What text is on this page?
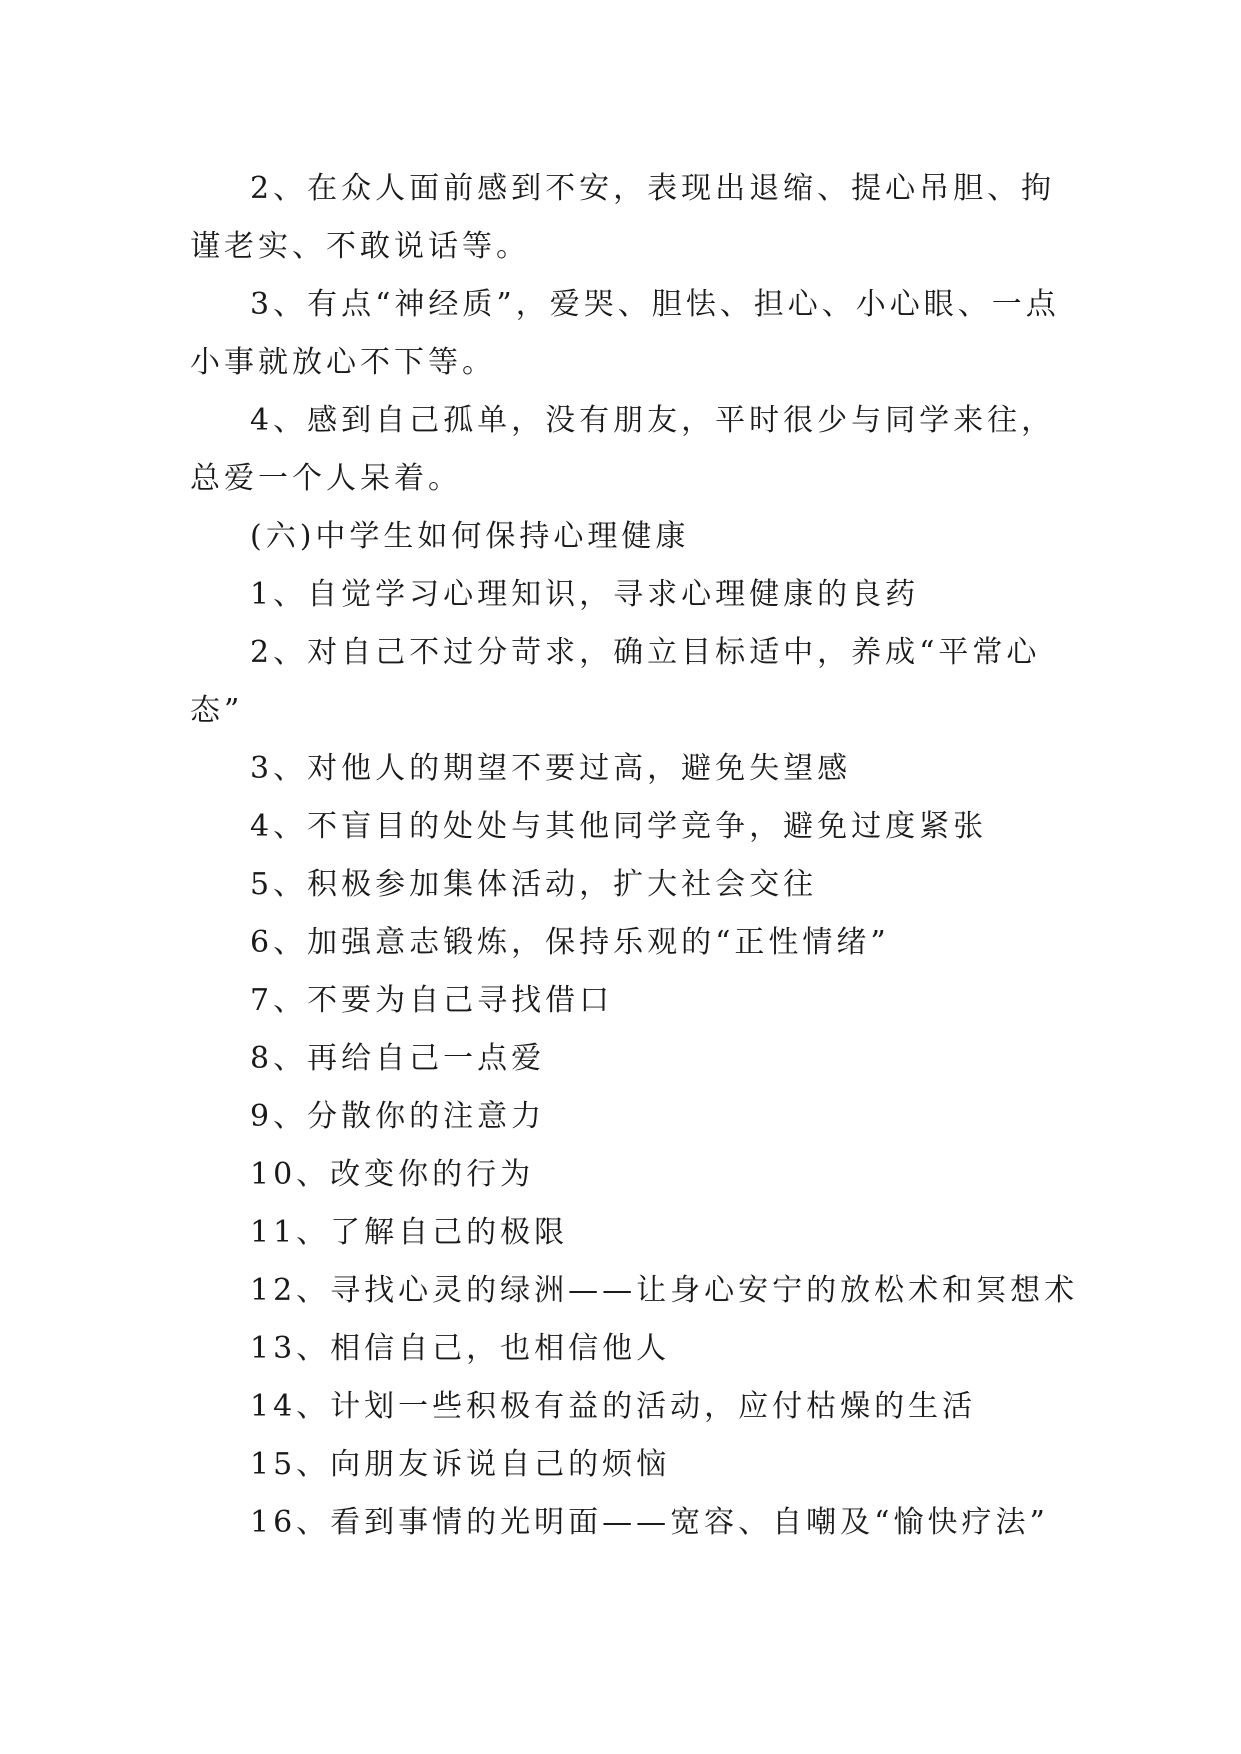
2、在众人面前感到不安，表现出退缩、提心吊胆、拘谨老实、不敢说话等。

3、有点“神经质”，爱哭、胆怯、担心、小心眼、一点小事就放心不下等。

4、感到自己孤单，没有朋友，平时很少与同学来往，总爱一个人呆着。

(六)中学生如何保持心理健康

1、自觉学习心理知识，寻求心理健康的良药
2、对自己不过分苛求，确立目标适中，养成“平常心态”
3、对他人的期望不要过高，避免失望感
4、不盲目的处处与其他同学竞争，避免过度紧张
5、积极参加集体活动，扩大社会交往
6、加强意志锻炼，保持乐观的“正性情绪”
7、不要为自己寻找借口
8、再给自己一点爱
9、分散你的注意力
10、改变你的行为
11、了解自己的极限
12、寻找心灵的绿洲——让身心安宁的放松术和冥想术
13、相信自己，也相信他人
14、计划一些积极有益的活动，应付枯燥的生活
15、向朋友诉说自己的烦恼
16、看到事情的光明面——宽容、自嘲及“愉快疗法”
